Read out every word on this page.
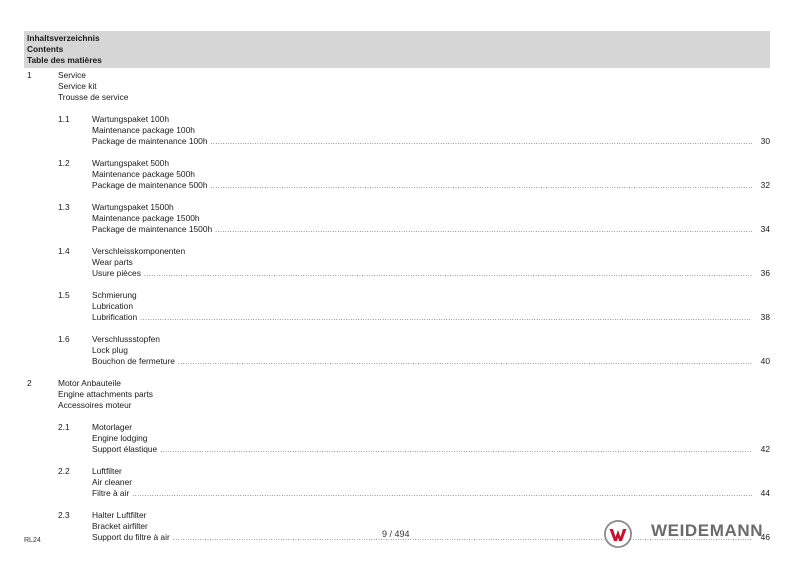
Inhaltsverzeichnis
Contents
Table des matières
1	Service
Service kit
Trousse de service
1.1	Wartungspaket 100h
Maintenance package 100h
Package de maintenance 100h .....	30
1.2	Wartungspaket 500h
Maintenance package 500h
Package de maintenance 500h .....	32
1.3	Wartungspaket 1500h
Maintenance package 1500h
Package de maintenance 1500h .....	34
1.4	Verschleisskomponenten
Wear parts
Usure pièces .....	36
1.5	Schmierung
Lubrication
Lubrification .....	38
1.6	Verschlussstopfen
Lock plug
Bouchon de fermeture .....	40
2	Motor Anbauteile
Engine attachments parts
Accessoires moteur
2.1	Motorlager
Engine lodging
Support élastique .....	42
2.2	Luftfilter
Air cleaner
Filtre à air .....	44
2.3	Halter Luftfilter
Bracket airfilter
Support du filtre à air .....	46
RL24
9 / 494	WEIDEMANN
